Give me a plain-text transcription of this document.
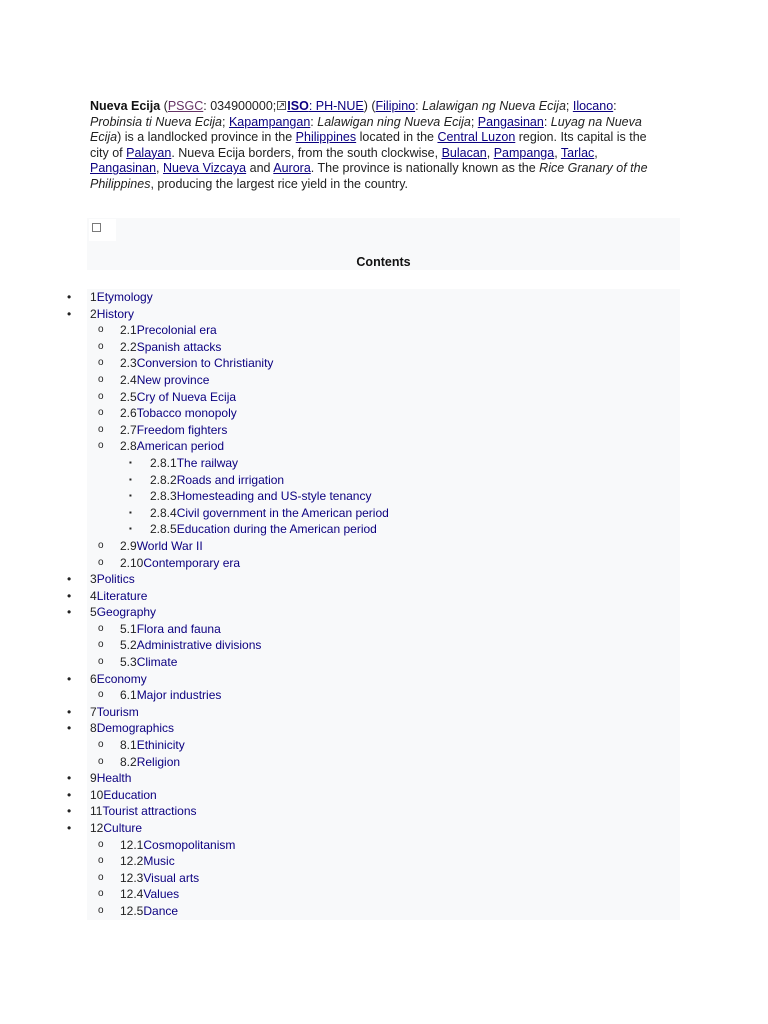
Nueva Ecija (PSGC: 034900000; ISO: PH-NUE) (Filipino: Lalawigan ng Nueva Ecija; Ilocano: Probinsia ti Nueva Ecija; Kapampangan: Lalawigan ning Nueva Ecija; Pangasinan: Luyag na Nueva Ecija) is a landlocked province in the Philippines located in the Central Luzon region. Its capital is the city of Palayan. Nueva Ecija borders, from the south clockwise, Bulacan, Pampanga, Tarlac, Pangasinan, Nueva Vizcaya and Aurora. The province is nationally known as the Rice Granary of the Philippines, producing the largest rice yield in the country.

Contents
• 1Etymology
• 2History
o 2.1Precolonial era
o 2.2Spanish attacks
o 2.3Conversion to Christianity
o 2.4New province
o 2.5Cry of Nueva Ecija
o 2.6Tobacco monopoly
o 2.7Freedom fighters
o 2.8American period
▪ 2.8.1The railway
▪ 2.8.2Roads and irrigation
▪ 2.8.3Homesteading and US-style tenancy
▪ 2.8.4Civil government in the American period
▪ 2.8.5Education during the American period
o 2.9World War II
o 2.10Contemporary era
• 3Politics
• 4Literature
• 5Geography
o 5.1Flora and fauna
o 5.2Administrative divisions
o 5.3Climate
• 6Economy
o 6.1Major industries
• 7Tourism
• 8Demographics
o 8.1Ethinicity
o 8.2Religion
• 9Health
• 10Education
• 11Tourist attractions
• 12Culture
o 12.1Cosmopolitanism
o 12.2Music
o 12.3Visual arts
o 12.4Values
o 12.5Dance
